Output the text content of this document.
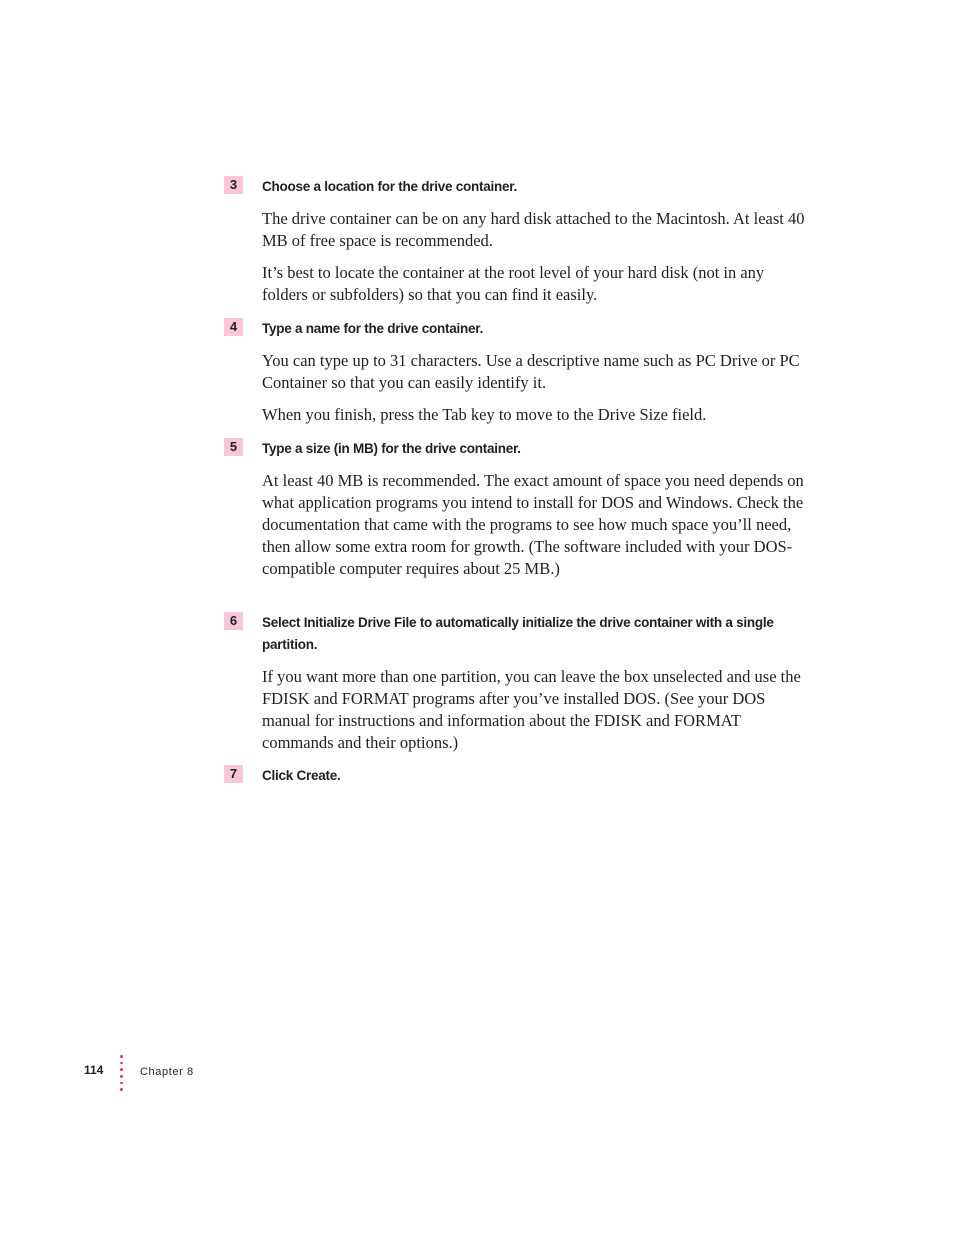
3	Choose a location for the drive container.

The drive container can be on any hard disk attached to the Macintosh. At least 40 MB of free space is recommended.

It’s best to locate the container at the root level of your hard disk (not in any folders or subfolders) so that you can find it easily.

4	Type a name for the drive container.

You can type up to 31 characters. Use a descriptive name such as PC Drive or PC Container so that you can easily identify it.

When you finish, press the Tab key to move to the Drive Size field.

5	Type a size (in MB) for the drive container.

At least 40 MB is recommended. The exact amount of space you need depends on what application programs you intend to install for DOS and Windows. Check the documentation that came with the programs to see how much space you’ll need, then allow some extra room for growth. (The software included with your DOS-compatible computer requires about 25 MB.)

6	Select Initialize Drive File to automatically initialize the drive container with a single partition.

If you want more than one partition, you can leave the box unselected and use the FDISK and FORMAT programs after you’ve installed DOS. (See your DOS manual for instructions and information about the FDISK and FORMAT commands and their options.)

7	Click Create.
114	Chapter 8
